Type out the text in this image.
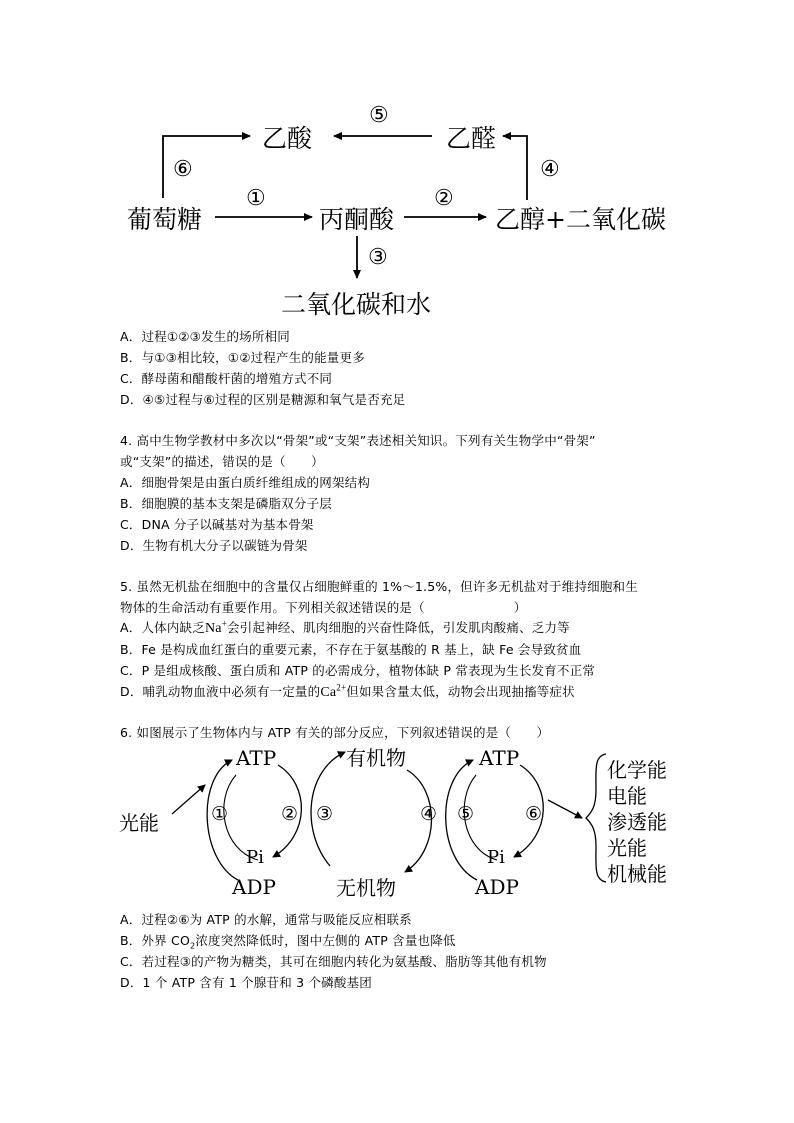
乙酸
⑤
乙醛
⑥	④
①	②
葡萄糖	丙酮酸	乙醇+二氧化碳
③
二氧化碳和水
A．过程①②③发生的场所相同
B．与①③相比较，①②过程产生的能量更多
C．酵母菌和醋酸杆菌的增殖方式不同
D．④⑤过程与⑥过程的区别是糖源和氧气是否充足
4. 高中生物学教材中多次以“骨架”或“支架”表述相关知识。下列有关生物学中“骨架”
或“支架”的描述，错误的是（　　）
A．细胞骨架是由蛋白质纤维组成的网架结构
B．细胞膜的基本支架是磷脂双分子层
C．DNA 分子以碱基对为基本骨架
D．生物有机大分子以碳链为骨架
5. 虽然无机盐在细胞中的含量仅占细胞鲜重的 1%～1.5%，但许多无机盐对于维持细胞和生
物体的生命活动有重要作用。下列相关叙述错误的是（　　　　　　　）
A．人体内缺乏Na+会引起神经、肌肉细胞的兴奋性降低，引发肌肉酸痛、乏力等
B．Fe 是构成血红蛋白的重要元素，不存在于氨基酸的 R 基上，缺 Fe 会导致贫血
C．P 是组成核酸、蛋白质和 ATP 的必需成分，植物体缺 P 常表现为生长发育不正常
D．哺乳动物血液中必须有一定量的$Ca^{2+}$但如果含量太低，动物会出现抽搐等症状
6. 如图展示了生物体内与 ATP 有关的部分反应，下列叙述错误的是（　　）
光能
ATP
①	②
Pi
ADP
有机物
③	④
无机物
ATP
⑤	⑥
Pi
ADP
化学能
电能
渗透能
光能
机械能
A．过程②⑥为 ATP 的水解，通常与吸能反应相联系
B．外界 $CO_2$浓度突然降低时，图中左侧的 ATP 含量也降低
C．若过程③的产物为糖类，其可在细胞内转化为氨基酸、脂肪等其他有机物
D．1 个 ATP 含有 1 个腺苷和 3 个磷酸基团
